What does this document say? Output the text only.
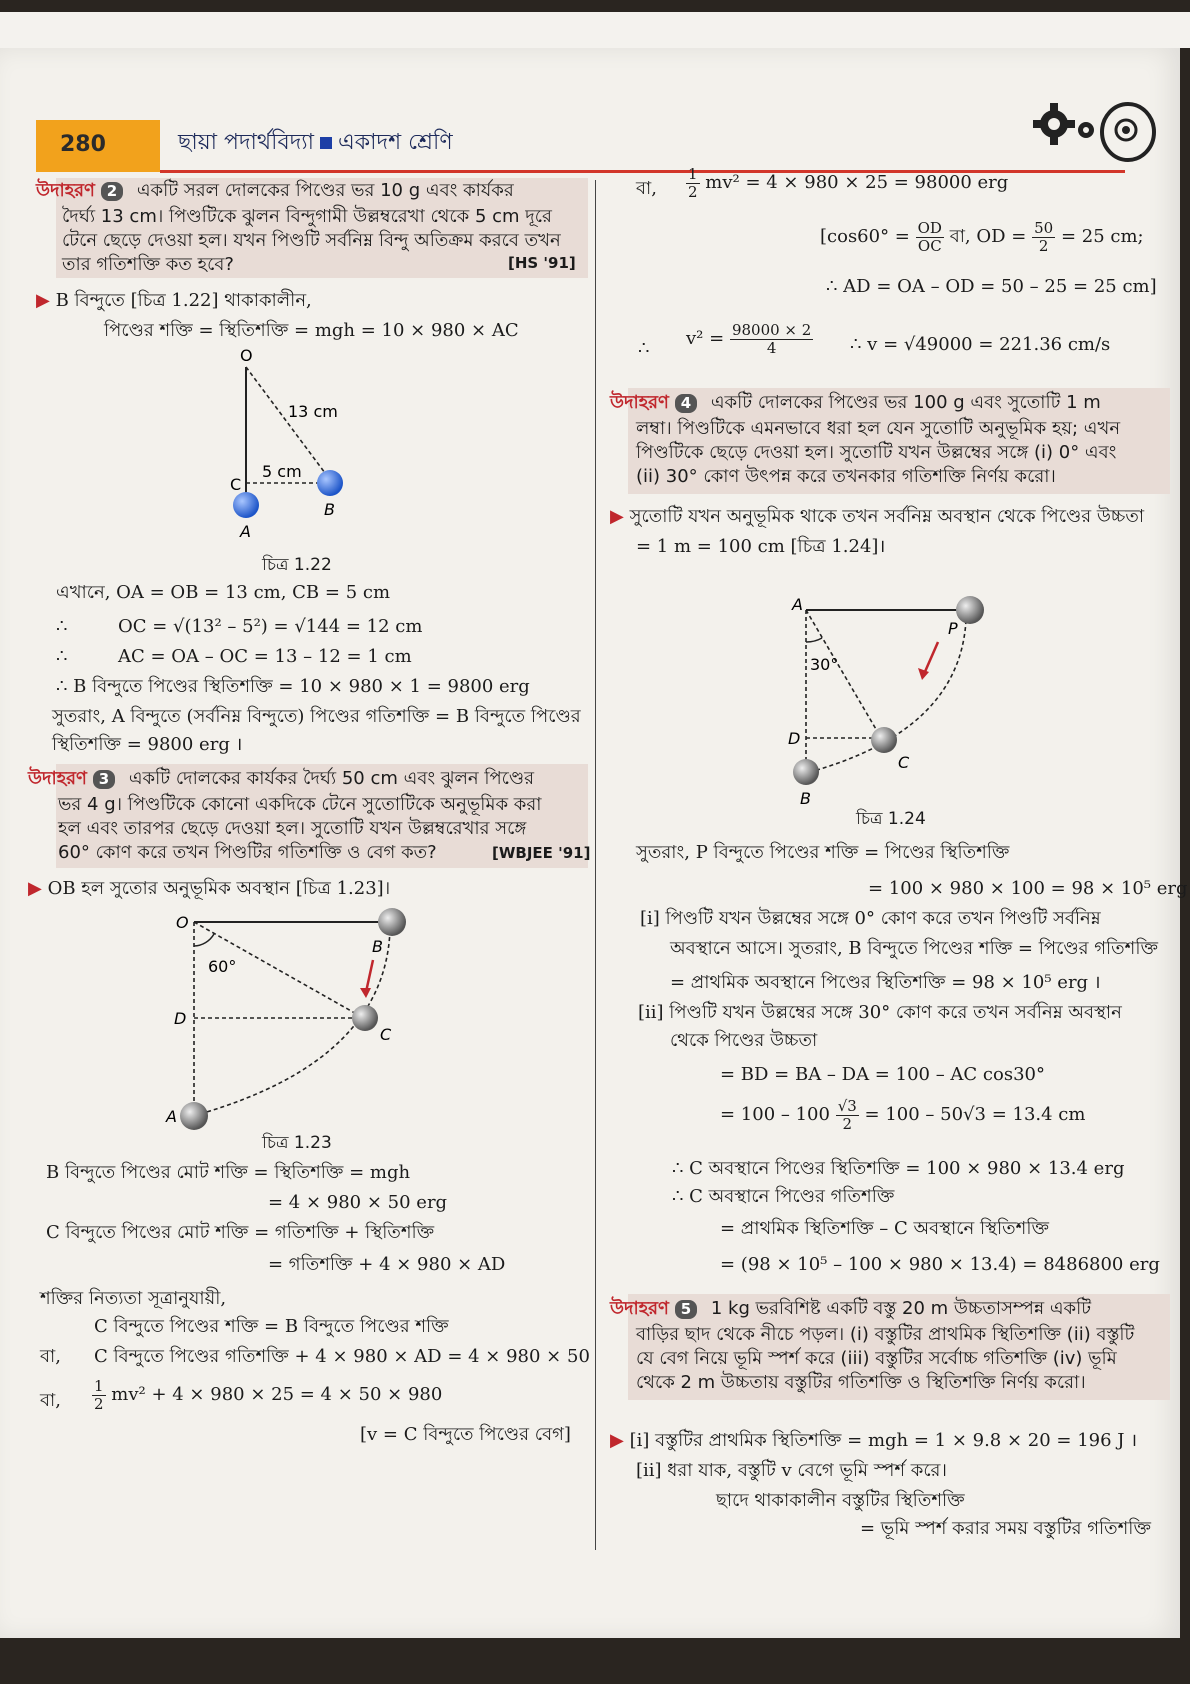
280	ছায়া পদার্থবিদ্যা একাদশ শ্রেণি
উদাহরণ 2 একটি সরল দোলকের পিণ্ডের ভর 10 g এবং কার্যকর
দৈর্ঘ্য 13 cm। পিণ্ডটিকে ঝুলন বিন্দুগামী উল্লম্বরেখা থেকে 5 cm দূরে
টেনে ছেড়ে দেওয়া হল। যখন পিণ্ডটি সর্বনিম্ন বিন্দু অতিক্রম করবে তখন
তার গতিশক্তি কত হবে?	[HS '91]
▶ B বিন্দুতে [চিত্র 1.22] থাকাকালীন,
পিণ্ডের শক্তি = স্থিতিশক্তি = mgh = 10 × 980 × AC
O
13 cm
5 cm
C
A
B
চিত্র 1.22
এখানে, OA = OB = 13 cm, CB = 5 cm
∴	OC = √(13² – 5²) = √144 = 12 cm
∴	AC = OA – OC = 13 – 12 = 1 cm
∴ B বিন্দুতে পিণ্ডের স্থিতিশক্তি = 10 × 980 × 1 = 9800 erg
সুতরাং, A বিন্দুতে (সর্বনিম্ন বিন্দুতে) পিণ্ডের গতিশক্তি = B বিন্দুতে পিণ্ডের
স্থিতিশক্তি = 9800 erg ।
উদাহরণ 3 একটি দোলকের কার্যকর দৈর্ঘ্য 50 cm এবং ঝুলন পিণ্ডের
ভর 4 g। পিণ্ডটিকে কোনো একদিকে টেনে সুতোটিকে অনুভূমিক করা
হল এবং তারপর ছেড়ে দেওয়া হল। সুতোটি যখন উল্লম্বরেখার সঙ্গে
60° কোণ করে তখন পিণ্ডটির গতিশক্তি ও বেগ কত?	[WBJEE '91]
▶ OB হল সুতোর অনুভূমিক অবস্থান [চিত্র 1.23]।
O
B
60°
D
C
A
চিত্র 1.23
B বিন্দুতে পিণ্ডের মোট শক্তি = স্থিতিশক্তি = mgh
= 4 × 980 × 50 erg
C বিন্দুতে পিণ্ডের মোট শক্তি = গতিশক্তি + স্থিতিশক্তি
= গতিশক্তি + 4 × 980 × AD
শক্তির নিত্যতা সূত্রানুযায়ী,
C বিন্দুতে পিণ্ডের শক্তি = B বিন্দুতে পিণ্ডের শক্তি
বা, C বিন্দুতে পিণ্ডের গতিশক্তি + 4 × 980 × AD = 4 × 980 × 50
বা, $\frac{1}{2} mv^2 + 4 \times 980 \times 25 = 4 \times 50 \times 980$
[v = C বিন্দুতে পিণ্ডের বেগ]
বা, $\frac{1}{2} mv^2 = 4 \times 980 \times 25 = 98000$ erg
[$\cos 60^\circ = \frac{OD}{OC}$ বা, OD = $\frac{50}{2} = 25$ cm;
∴ AD = OA – OD = 50 – 25 = 25 cm]
∴ $v^2 = \frac{98000 \times 2}{4}$ ∴ v = √49000 = 221.36 cm/s
উদাহরণ 4 একটি দোলকের পিণ্ডের ভর 100 g এবং সুতোটি 1 m
লম্বা। পিণ্ডটিকে এমনভাবে ধরা হল যেন সুতোটি অনুভূমিক হয়; এখন
পিণ্ডটিকে ছেড়ে দেওয়া হল। সুতোটি যখন উল্লম্বের সঙ্গে (i) 0° এবং
(ii) 30° কোণ উৎপন্ন করে তখনকার গতিশক্তি নির্ণয় করো।
▶ সুতোটি যখন অনুভূমিক থাকে তখন সর্বনিম্ন অবস্থান থেকে পিণ্ডের উচ্চতা
= 1 m = 100 cm [চিত্র 1.24]।
A
P
30°
D
C
B
চিত্র 1.24
সুতরাং, P বিন্দুতে পিণ্ডের শক্তি = পিণ্ডের স্থিতিশক্তি
= 100 × 980 × 100 = 98 × 10⁵ erg
[i] পিণ্ডটি যখন উল্লম্বের সঙ্গে 0° কোণ করে তখন পিণ্ডটি সর্বনিম্ন
অবস্থানে আসে। সুতরাং, B বিন্দুতে পিণ্ডের শক্তি = পিণ্ডের গতিশক্তি
= প্রাথমিক অবস্থানে পিণ্ডের স্থিতিশক্তি = 98 × 10⁵ erg ।
[ii] পিণ্ডটি যখন উল্লম্বের সঙ্গে 30° কোণ করে তখন সর্বনিম্ন অবস্থান
থেকে পিণ্ডের উচ্চতা
= BD = BA – DA = 100 – AC cos30°
= $100 - 100 \frac{√3}{2} = 100 - 50√3 = 13.4$ cm
∴ C অবস্থানে পিণ্ডের স্থিতিশক্তি = 100 × 980 × 13.4 erg
∴ C অবস্থানে পিণ্ডের গতিশক্তি
= প্রাথমিক স্থিতিশক্তি – C অবস্থানে স্থিতিশক্তি
= (98 × 10⁵ – 100 × 980 × 13.4) = 8486800 erg
উদাহরণ 5 1 kg ভরবিশিষ্ট একটি বস্তু 20 m উচ্চতাসম্পন্ন একটি
বাড়ির ছাদ থেকে নীচে পড়ল। (i) বস্তুটির প্রাথমিক স্থিতিশক্তি (ii) বস্তুটি
যে বেগ নিয়ে ভূমি স্পর্শ করে (iii) বস্তুটির সর্বোচ্চ গতিশক্তি (iv) ভূমি
থেকে 2 m উচ্চতায় বস্তুটির গতিশক্তি ও স্থিতিশক্তি নির্ণয় করো।
▶ [i] বস্তুটির প্রাথমিক স্থিতিশক্তি = mgh = 1 × 9.8 × 20 = 196 J ।
[ii] ধরা যাক, বস্তুটি v বেগে ভূমি স্পর্শ করে।
ছাদে থাকাকালীন বস্তুটির স্থিতিশক্তি
= ভূমি স্পর্শ করার সময় বস্তুটির গতিশক্তি
